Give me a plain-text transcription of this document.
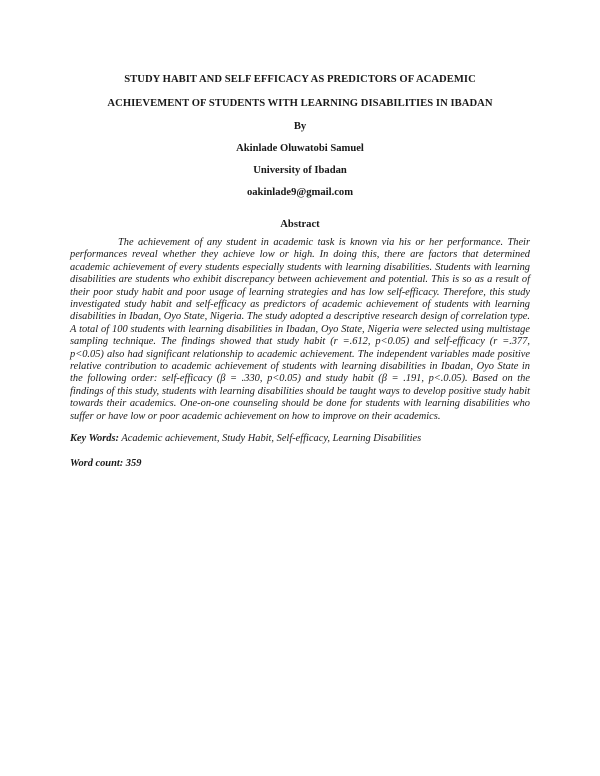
STUDY HABIT AND SELF EFFICACY AS PREDICTORS OF ACADEMIC
ACHIEVEMENT OF STUDENTS WITH LEARNING DISABILITIES IN IBADAN
By
Akinlade Oluwatobi Samuel
University of Ibadan
oakinlade9@gmail.com
Abstract

The achievement of any student in academic task is known via his or her performance. Their performances reveal whether they achieve low or high. In doing this, there are factors that determined academic achievement of every students especially students with learning disabilities. Students with learning disabilities are students who exhibit discrepancy between achievement and potential. This is so as a result of their poor study habit and poor usage of learning strategies and has low self-efficacy. Therefore, this study investigated study habit and self-efficacy as predictors of academic achievement of students with learning disabilities in Ibadan, Oyo State, Nigeria. The study adopted a descriptive research design of correlation type. A total of 100 students with learning disabilities in Ibadan, Oyo State, Nigeria were selected using multistage sampling technique. The findings showed that study habit (r =.612, p<0.05) and self-efficacy (r =.377, p<0.05) also had significant relationship to academic achievement. The independent variables made positive relative contribution to academic achievement of students with learning disabilities in Ibadan, Oyo State in the following order: self-efficacy (β = .330, p<0.05) and study habit (β = .191, p<.0.05). Based on the findings of this study, students with learning disabilities should be taught ways to develop positive study habit towards their academics. One-on-one counseling should be done for students with learning disabilities who suffer or have low or poor academic achievement on how to improve on their academics.

Key Words: Academic achievement, Study Habit, Self-efficacy, Learning Disabilities
Word count: 359
